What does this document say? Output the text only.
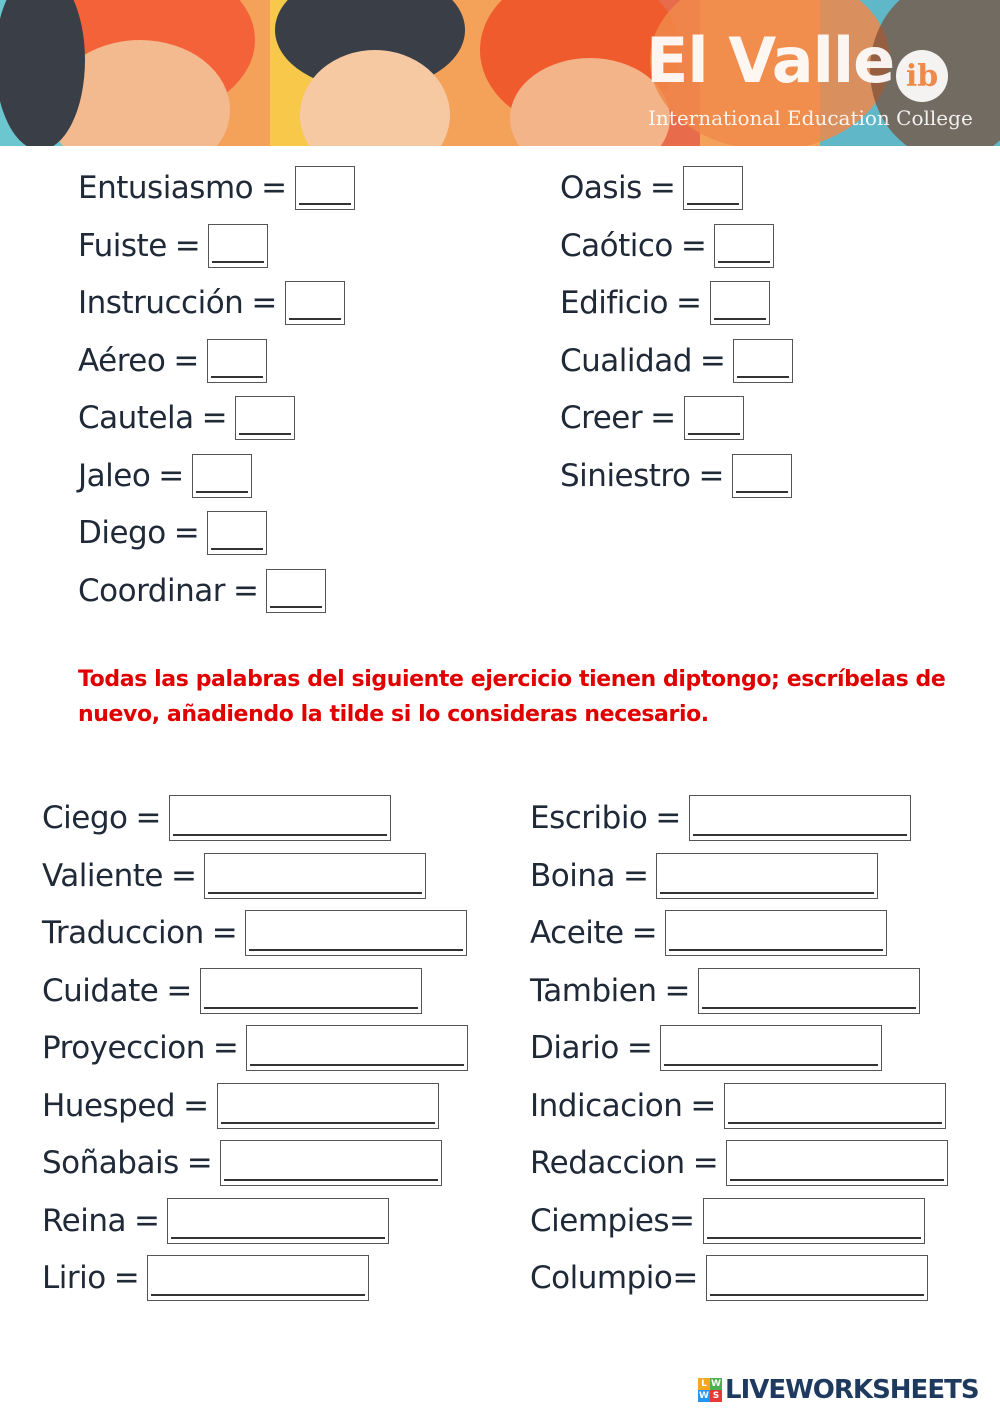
El Valle ib
International Education College
Entusiasmo =
Fuiste =
Instrucción =
Aéreo =
Cautela =
Jaleo =
Diego =
Coordinar =
Oasis =
Caótico =
Edificio =
Cualidad =
Creer =
Siniestro =
Todas las palabras del siguiente ejercicio tienen diptongo; escríbelas de nuevo, añadiendo la tilde si lo consideras necesario.
Ciego =
Valiente =
Traduccion =
Cuidate =
Proyeccion =
Huesped =
Soñabais =
Reina =
Lirio =
Escribio =
Boina =
Aceite =
Tambien =
Diario =
Indicacion =
Redaccion =
Ciempies =
Columpio =
L W
W S LIVEWORKSHEETS
